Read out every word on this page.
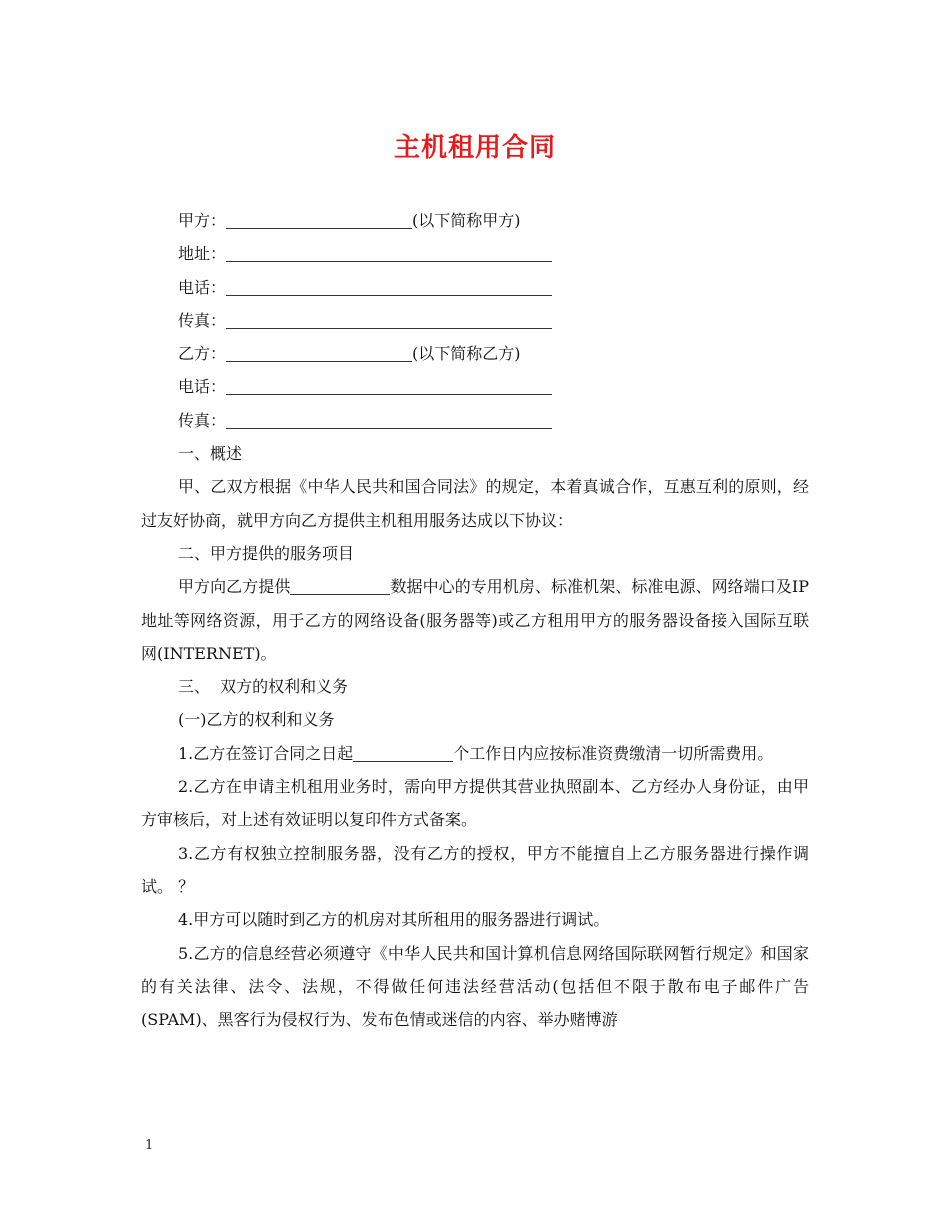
主机租用合同
甲方：	(以下简称甲方)
地址：
电话：
传真：
乙方：	(以下简称乙方)
电话：
传真：
一、概述

甲、乙双方根据《中华人民共和国合同法》的规定，本着真诚合作，互惠互利的原则，经过友好协商，就甲方向乙方提供主机租用服务达成以下协议：

二、甲方提供的服务项目

甲方向乙方提供	数据中心的专用机房、标准机架、标准电源、网络端口及IP地址等网络资源，用于乙方的网络设备(服务器等)或乙方租用甲方的服务器设备接入国际互联网(INTERNET)。

三、  双方的权利和义务
(一)乙方的权利和义务

1.乙方在签订合同之日起	个工作日内应按标准资费缴清一切所需费用。

2.乙方在申请主机租用业务时，需向甲方提供其营业执照副本、乙方经办人身份证，由甲方审核后，对上述有效证明以复印件方式备案。

3.乙方有权独立控制服务器，没有乙方的授权，甲方不能擅自上乙方服务器进行操作调试。 ？

4.甲方可以随时到乙方的机房对其所租用的服务器进行调试。

5.乙方的信息经营必须遵守《中华人民共和国计算机信息网络国际联网暂行规定》和国家的有关法律、法令、法规，不得做任何违法经营活动(包括但不限于散布电子邮件广告(SPAM)、黑客行为侵权行为、发布色情或迷信的内容、举办赌博游

1
